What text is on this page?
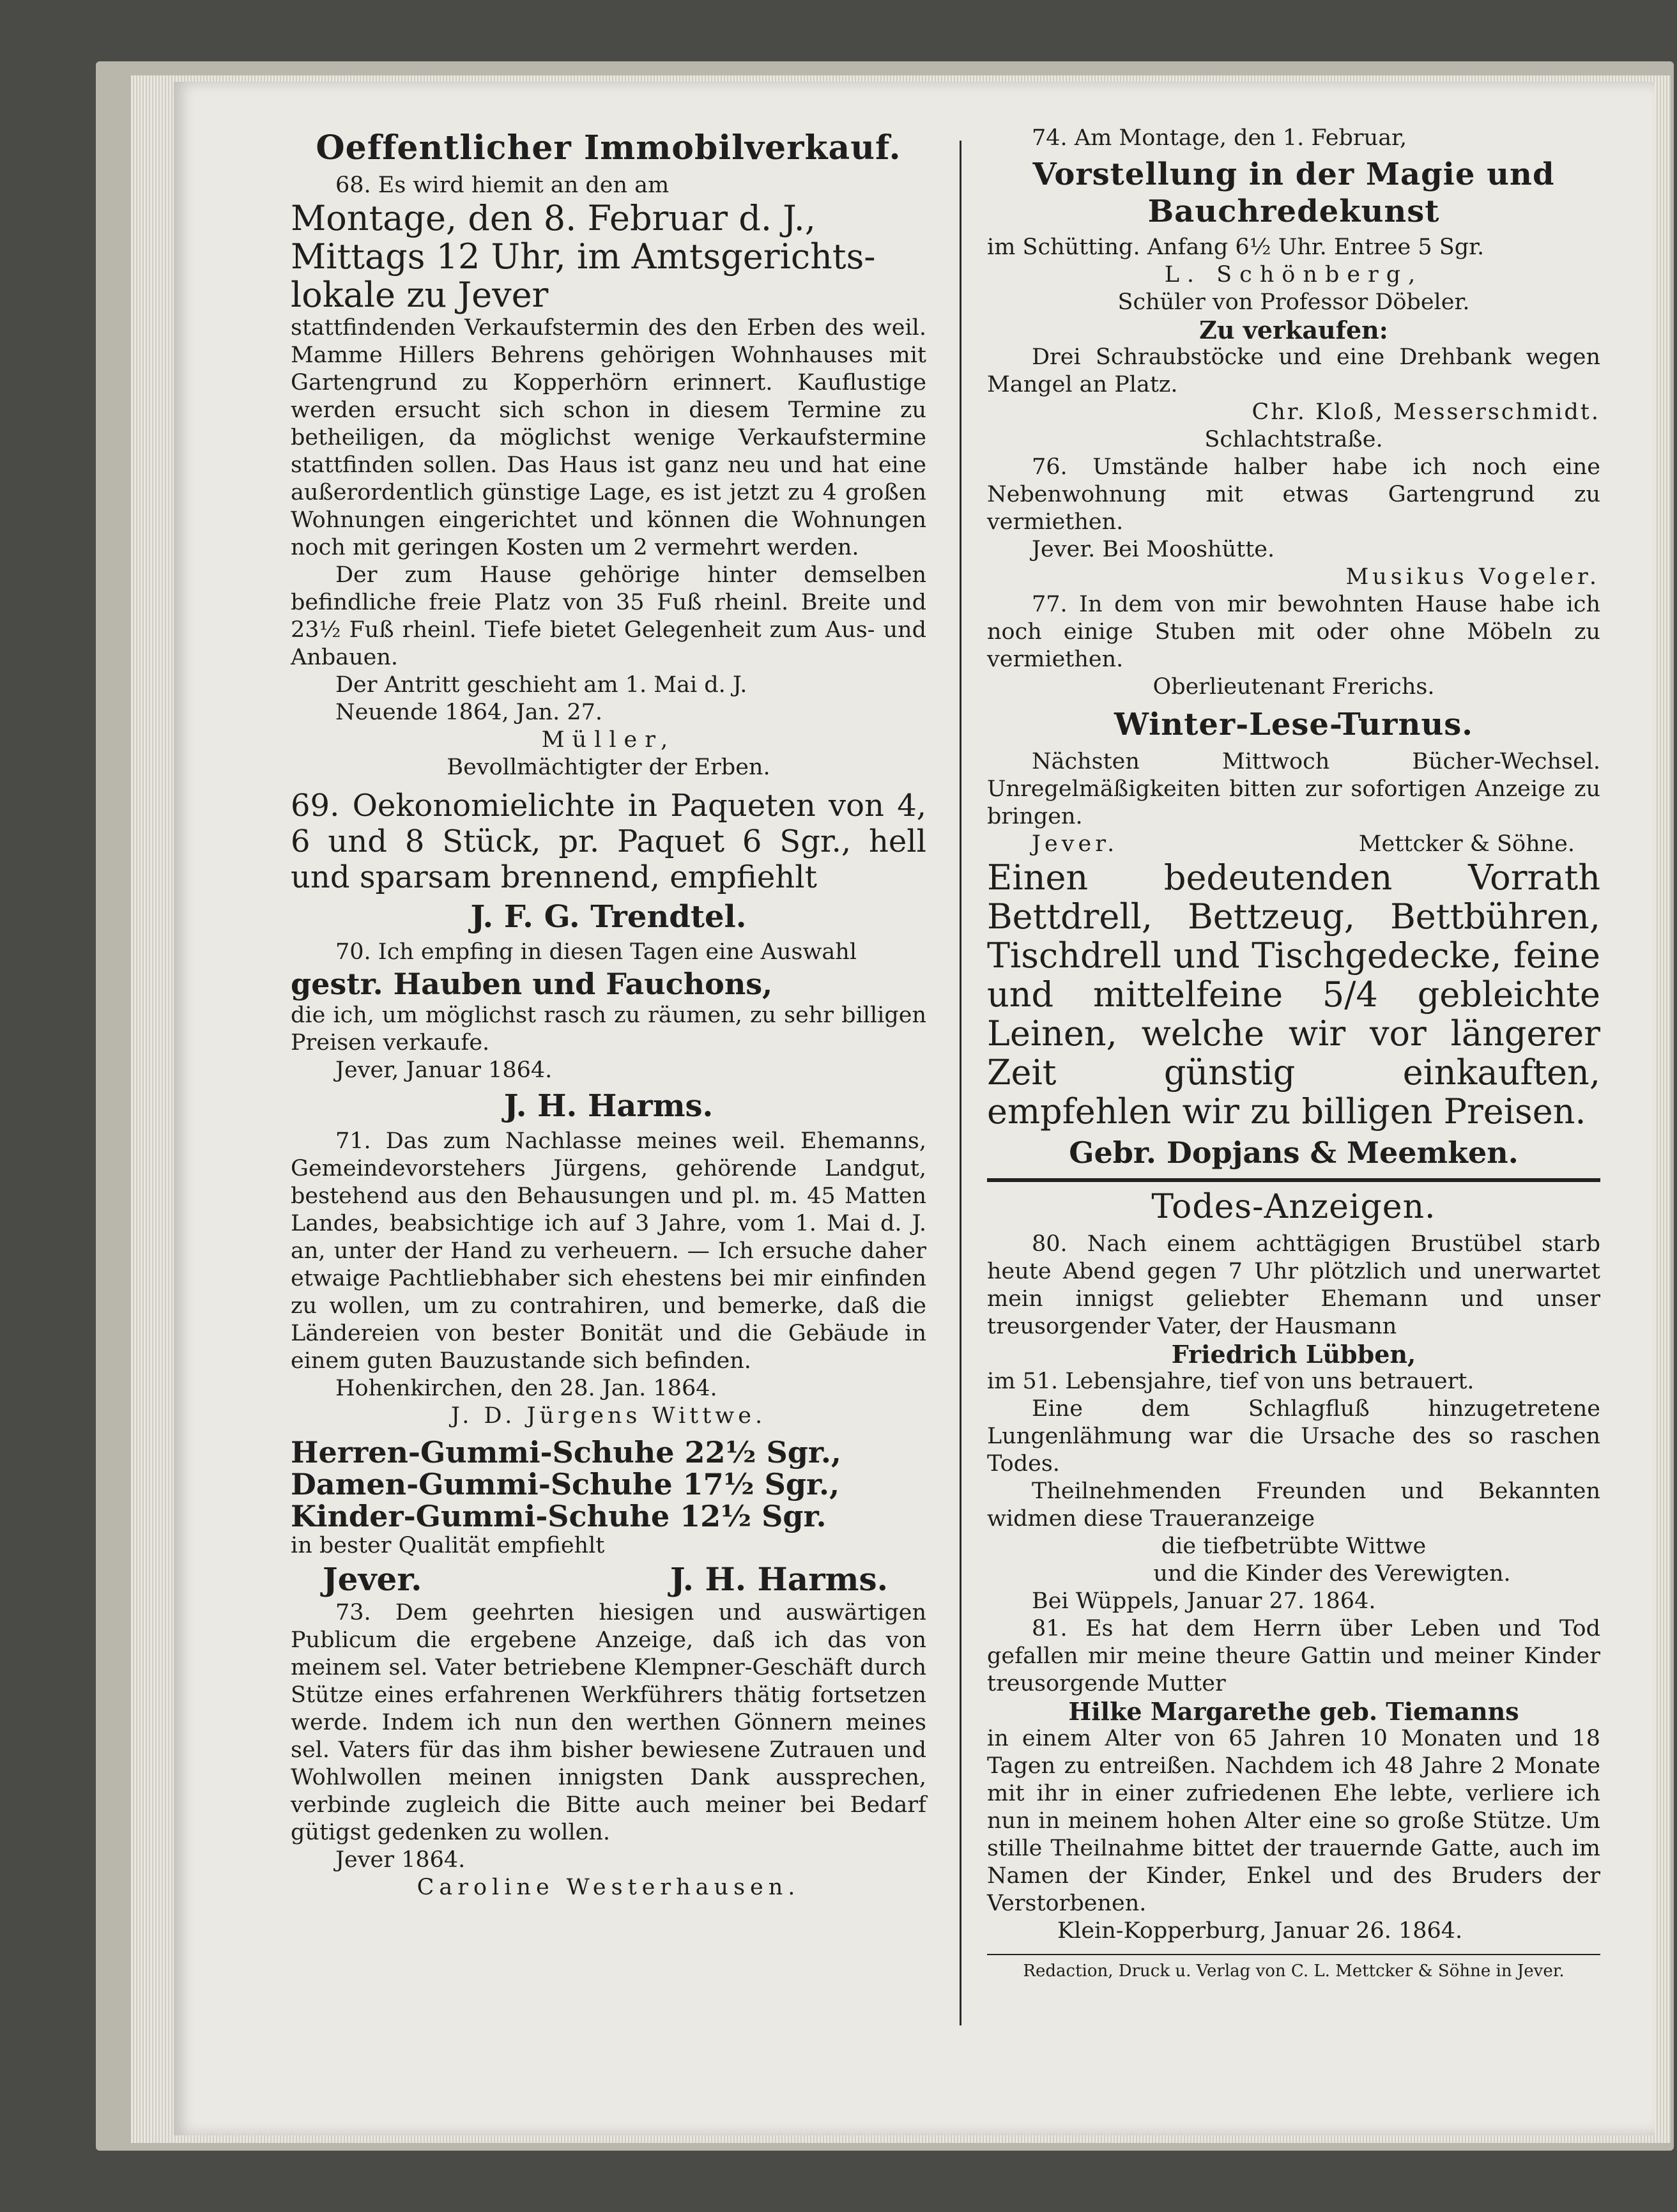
Oeffentlicher Immobilverkauf.

68. Es wird hiemit an den am

Montage, den 8. Februar d. J.,

Mittags 12 Uhr, im Amtsgerichts-

lokale zu Jever

stattfindenden Verkaufstermin des den Erben des weil. Mamme Hillers Behrens gehörigen Wohnhauses mit Gartengrund zu Kopperhörn erinnert. Kauflustige werden ersucht sich schon in diesem Termine zu betheiligen, da möglichst wenige Verkaufstermine stattfinden sollen. Das Haus ist ganz neu und hat eine außerordentlich günstige Lage, es ist jetzt zu 4 großen Wohnungen eingerichtet und können die Wohnungen noch mit geringen Kosten um 2 vermehrt werden.

Der zum Hause gehörige hinter demselben befindliche freie Platz von 35 Fuß rheinl. Breite und 23½ Fuß rheinl. Tiefe bietet Gelegenheit zum Aus- und Anbauen.

Der Antritt geschieht am 1. Mai d. J.

Neuende 1864, Jan. 27.

Müller,

Bevollmächtigter der Erben.

69. Oekonomielichte in Paqueten von 4, 6 und 8 Stück, pr. Paquet 6 Sgr., hell und sparsam brennend, empfiehlt

J. F. G. Trendtel.

70. Ich empfing in diesen Tagen eine Auswahl

gestr. Hauben und Fauchons,

die ich, um möglichst rasch zu räumen, zu sehr billigen Preisen verkaufe.

Jever, Januar 1864.

J. H. Harms.

71. Das zum Nachlasse meines weil. Ehemanns, Gemeindevorstehers Jürgens, gehörende Landgut, bestehend aus den Behausungen und pl. m. 45 Matten Landes, beabsichtige ich auf 3 Jahre, vom 1. Mai d. J. an, unter der Hand zu verheuern. — Ich ersuche daher etwaige Pachtliebhaber sich ehestens bei mir einfinden zu wollen, um zu contrahiren, und bemerke, daß die Ländereien von bester Bonität und die Gebäude in einem guten Bauzustande sich befinden.

Hohenkirchen, den 28. Jan. 1864.

J. D. Jürgens Wittwe.

Herren-Gummi-Schuhe 22½ Sgr.,

Damen-Gummi-Schuhe 17½ Sgr.,

Kinder-Gummi-Schuhe 12½ Sgr.

in bester Qualität empfiehlt

Jever.	J. H. Harms.

73. Dem geehrten hiesigen und auswärtigen Publicum die ergebene Anzeige, daß ich das von meinem sel. Vater betriebene Klempner-Geschäft durch Stütze eines erfahrenen Werkführers thätig fortsetzen werde. Indem ich nun den werthen Gönnern meines sel. Vaters für das ihm bisher bewiesene Zutrauen und Wohlwollen meinen innigsten Dank aussprechen, verbinde zugleich die Bitte auch meiner bei Bedarf gütigst gedenken zu wollen.

Jever 1864.

Caroline Westerhausen.

74. Am Montage, den 1. Februar,

Vorstellung in der Magie und Bauchredekunst

im Schütting. Anfang 6½ Uhr. Entree 5 Sgr.

L. Schönberg,

Schüler von Professor Döbeler.

Zu verkaufen:

Drei Schraubstöcke und eine Drehbank wegen Mangel an Platz.

Chr. Kloß, Messerschmidt.

Schlachtstraße.

76. Umstände halber habe ich noch eine Nebenwohnung mit etwas Gartengrund zu vermiethen.

Jever. Bei Mooshütte.

Musikus Vogeler.

77. In dem von mir bewohnten Hause habe ich noch einige Stuben mit oder ohne Möbeln zu vermiethen.

Oberlieutenant Frerichs.

Winter-Lese-Turnus.

Nächsten Mittwoch Bücher-Wechsel. Unregelmäßigkeiten bitten zur sofortigen Anzeige zu bringen.

Jever.	Mettcker & Söhne.

Einen bedeutenden Vorrath Bettdrell, Bettzeug, Bettbühren, Tischdrell und Tischgedecke, feine und mittelfeine 5/4 gebleichte Leinen, welche wir vor längerer Zeit günstig einkauften, empfehlen wir zu billigen Preisen.

Gebr. Dopjans & Meemken.

Todes-Anzeigen.

80. Nach einem achttägigen Brustübel starb heute Abend gegen 7 Uhr plötzlich und unerwartet mein innigst geliebter Ehemann und unser treusorgender Vater, der Hausmann

Friedrich Lübben,

im 51. Lebensjahre, tief von uns betrauert.

Eine dem Schlagfluß hinzugetretene Lungenlähmung war die Ursache des so raschen Todes.

Theilnehmenden Freunden und Bekannten widmen diese Traueranzeige

die tiefbetrübte Wittwe

und die Kinder des Verewigten.

Bei Wüppels, Januar 27. 1864.

81. Es hat dem Herrn über Leben und Tod gefallen mir meine theure Gattin und meiner Kinder treusorgende Mutter

Hilke Margarethe geb. Tiemanns

in einem Alter von 65 Jahren 10 Monaten und 18 Tagen zu entreißen. Nachdem ich 48 Jahre 2 Monate mit ihr in einer zufriedenen Ehe lebte, verliere ich nun in meinem hohen Alter eine so große Stütze. Um stille Theilnahme bittet der trauernde Gatte, auch im Namen der Kinder, Enkel und des Bruders der Verstorbenen.

Klein-Kopperburg, Januar 26. 1864.

Redaction, Druck u. Verlag von C. L. Mettcker & Söhne in Jever.
